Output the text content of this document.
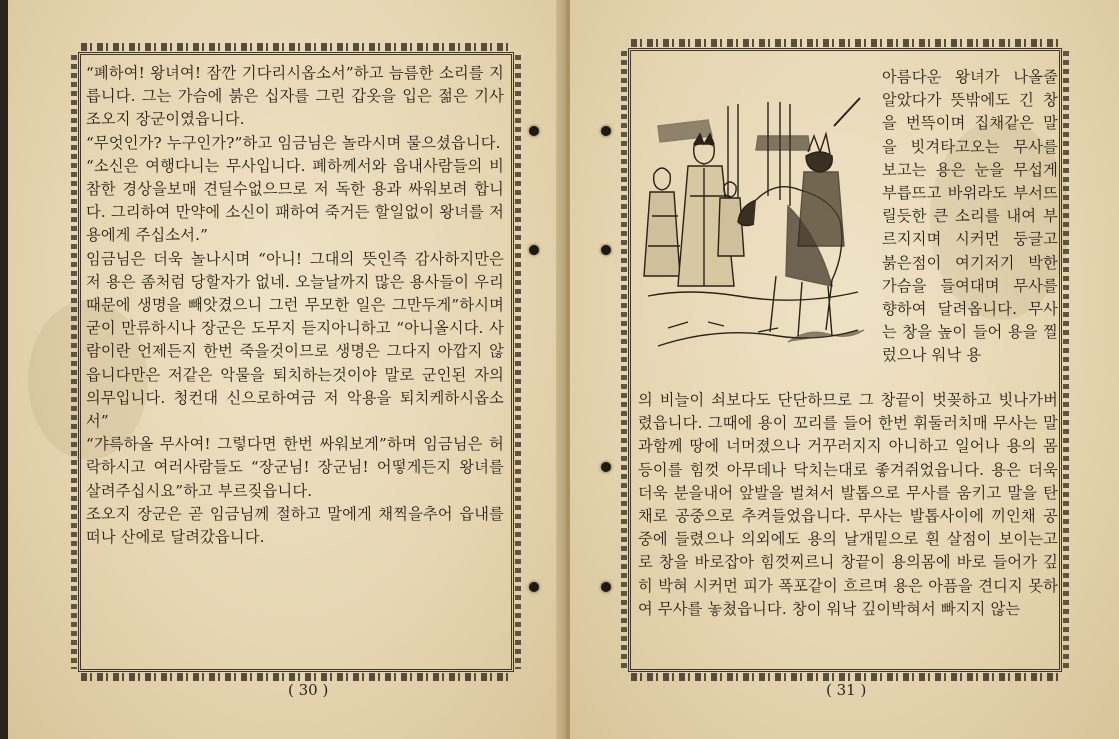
“폐하여! 왕녀여! 잠깐 기다리시옵소서”하고 늠름한 소리를 지릅니다. 그는 가슴에 붉은 십자를 그린 갑옷을 입은 젊은 기사 조오지 장군이였읍니다.

“무엇인가? 누구인가?”하고 임금님은 놀라시며 물으셨읍니다.

“소신은 여행다니는 무사입니다. 폐하께서와 읍내사람들의 비참한 경상을보매 견딜수없으므로 저 독한 용과 싸워보려 합니다. 그리하여 만약에 소신이 패하여 죽거든 할일없이 왕녀를 저 용에게 주십소서.”

임금님은 더욱 놀나시며 “아니! 그대의 뜻인즉 감사하지만은 저 용은 좀처럼 당할자가 없네. 오늘날까지 많은 용사들이 우리때문에 생명을 빼앗겼으니 그런 무모한 일은 그만두게”하시며 굳이 만류하시나 장군은 도무지 듣지아니하고 “아니올시다. 사람이란 언제든지 한번 죽을것이므로 생명은 그다지 아깝지 않읍니다만은 저같은 악물을 퇴치하는것이야 말로 군인된 자의 의무입니다. 청컨대 신으로하여금 저 악용을 퇴치케하시옵소서”

“갸륵하올 무사여! 그렇다면 한번 싸워보게”하며 임금님은 허락하시고 여러사람들도 “장군님! 장군님! 어떻게든지 왕녀를 살려주십시요”하고 부르짖읍니다.

조오지 장군은 곧 임금님께 절하고 말에게 채찍을추어 읍내를 떠나 산에로 달려갔읍니다.

( 30 )
아름다운 왕녀가 나올줄 알았다가 뜻밖에도 긴 창을 번뜩이며 집채같은 말을 빗겨타고오는 무사를 보고는 용은 눈을 무섭게 부릅뜨고 바위라도 부서뜨릴듯한 큰 소리를 내여 부르지지며 시커먼 둥글고 붉은점이 여기저기 박한 가슴을 들여대며 무사를 향하여 달려옵니다. 무사는 창을 높이 들어 용을 찔렀으나 워낙 용
의 비늘이 쇠보다도 단단하므로 그 창끝이 벗꽂하고 빗나가버렸읍니다. 그때에 용이 꼬리를 들어 한번 휘둘러치매 무사는 말과함께 땅에 너머졌으나 거꾸러지지 아니하고 일어나 용의 몸등이를 힘껏 아무데나 닥치는대로 좋겨쥐었읍니다. 용은 더욱더욱 분을내어 앞발을 벌쳐서 발톱으로 무사를 움키고 말을 탄채로 공중으로 추켜들었읍니다. 무사는 발톱사이에 끼인채 공중에 들렸으나 의외에도 용의 날개밑으로 흰 살점이 보이는고로 창을 바로잡아 힘껏찌르니 창끝이 용의몸에 바로 들어가 깊히 박혀 시커먼 피가 폭포같이 흐르며 용은 아픔을 견디지 못하여 무사를 놓쳤읍니다. 창이 워낙 깊이박혀서 빠지지 않는
( 31 )
